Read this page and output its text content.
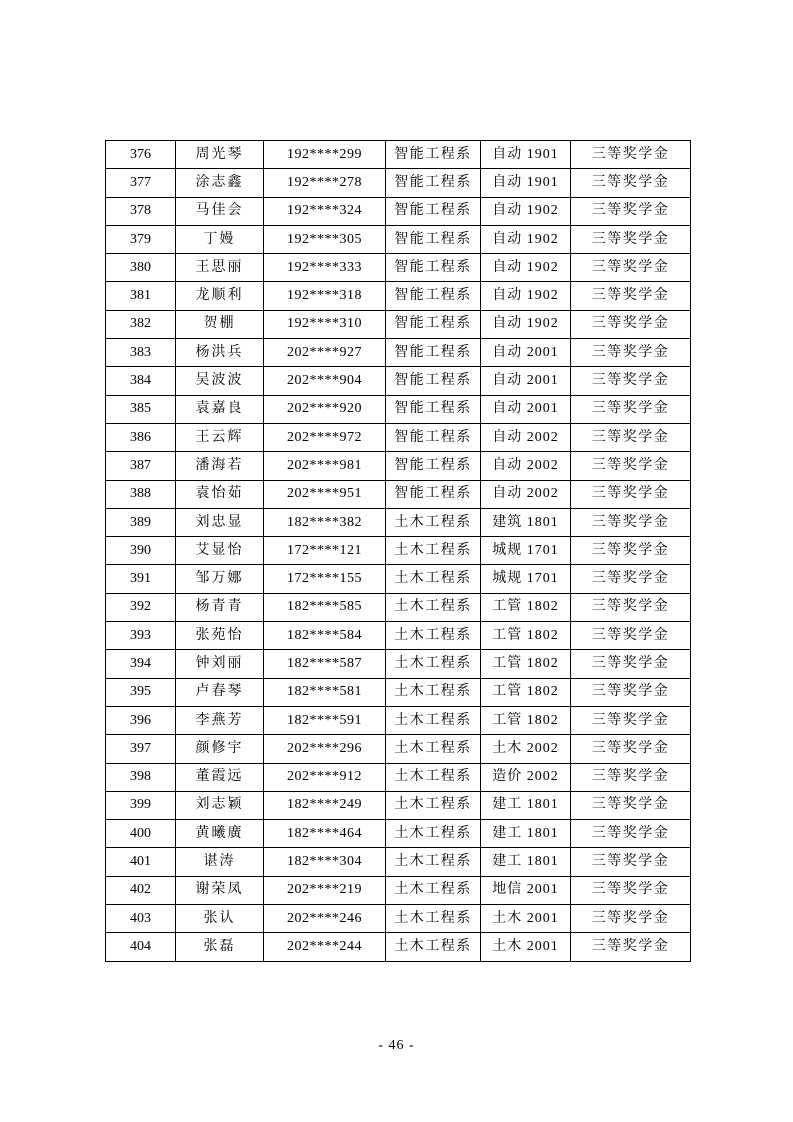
376	周光琴	192****299	智能工程系	自动 1901	三等奖学金
377	涂志鑫	192****278	智能工程系	自动 1901	三等奖学金
378	马佳会	192****324	智能工程系	自动 1902	三等奖学金
379	丁嫚	192****305	智能工程系	自动 1902	三等奖学金
380	王思丽	192****333	智能工程系	自动 1902	三等奖学金
381	龙顺利	192****318	智能工程系	自动 1902	三等奖学金
382	贺棚	192****310	智能工程系	自动 1902	三等奖学金
383	杨洪兵	202****927	智能工程系	自动 2001	三等奖学金
384	吴波波	202****904	智能工程系	自动 2001	三等奖学金
385	袁嘉良	202****920	智能工程系	自动 2001	三等奖学金
386	王云辉	202****972	智能工程系	自动 2002	三等奖学金
387	潘海若	202****981	智能工程系	自动 2002	三等奖学金
388	袁怡茹	202****951	智能工程系	自动 2002	三等奖学金
389	刘忠显	182****382	土木工程系	建筑 1801	三等奖学金
390	艾显怡	172****121	土木工程系	城规 1701	三等奖学金
391	邹万娜	172****155	土木工程系	城规 1701	三等奖学金
392	杨青青	182****585	土木工程系	工管 1802	三等奖学金
393	张苑怡	182****584	土木工程系	工管 1802	三等奖学金
394	钟刘丽	182****587	土木工程系	工管 1802	三等奖学金
395	卢春琴	182****581	土木工程系	工管 1802	三等奖学金
396	李燕芳	182****591	土木工程系	工管 1802	三等奖学金
397	颜修宇	202****296	土木工程系	土木 2002	三等奖学金
398	董霞远	202****912	土木工程系	造价 2002	三等奖学金
399	刘志颖	182****249	土木工程系	建工 1801	三等奖学金
400	黄曦廣	182****464	土木工程系	建工 1801	三等奖学金
401	谌涛	182****304	土木工程系	建工 1801	三等奖学金
402	谢荣凤	202****219	土木工程系	地信 2001	三等奖学金
403	张认	202****246	土木工程系	土木 2001	三等奖学金
404	张磊	202****244	土木工程系	土木 2001	三等奖学金
- 46 -
